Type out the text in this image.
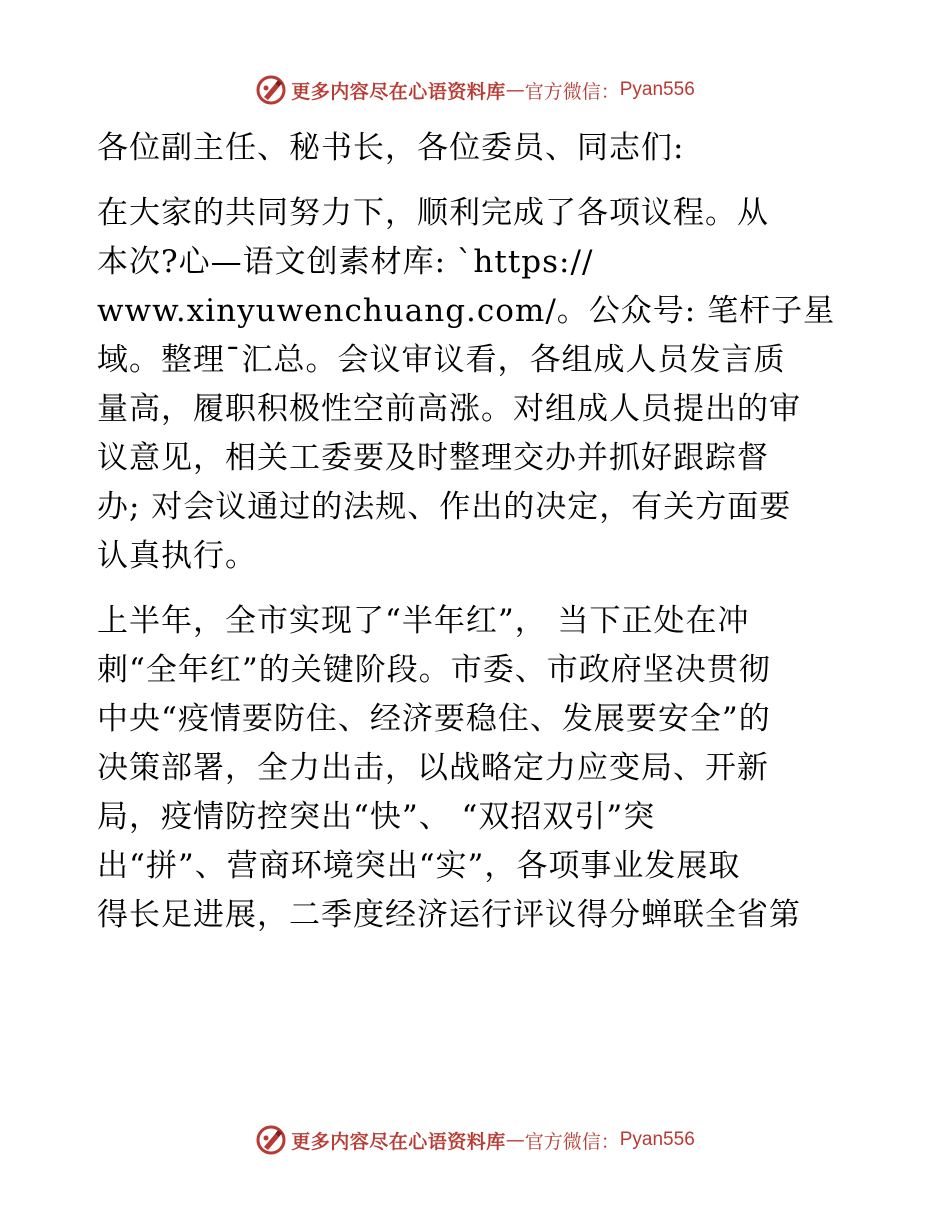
更多内容尽在心语资料库 — 官方微信： Pyan556
各位副主任、秘书长，各位委员、同志们:
在大家的共同努力下，顺利完成了各项议程。从
本次?心—语文创素材库: `https://
www.xinyuwenchuang.com/。公众号: 笔杆子星
域。整理¯汇总。会议审议看，各组成人员发言质
量高，履职积极性空前高涨。对组成人员提出的审
议意见，相关工委要及时整理交办并抓好跟踪督
办; 对会议通过的法规、作出的决定，有关方面要
认真执行。
上半年，全市实现了“半年红”， 当下正处在冲
刺“全年红”的关键阶段。市委、市政府坚决贯彻
中央“疫情要防住、经济要稳住、发展要安全”的
决策部署，全力出击，以战略定力应变局、开新
局，疫情防控突出“快”、 “双招双引”突
出“拼”、营商环境突出“实”，各项事业发展取
得长足进展，二季度经济运行评议得分蝉联全省第
更多内容尽在心语资料库 — 官方微信： Pyan556
